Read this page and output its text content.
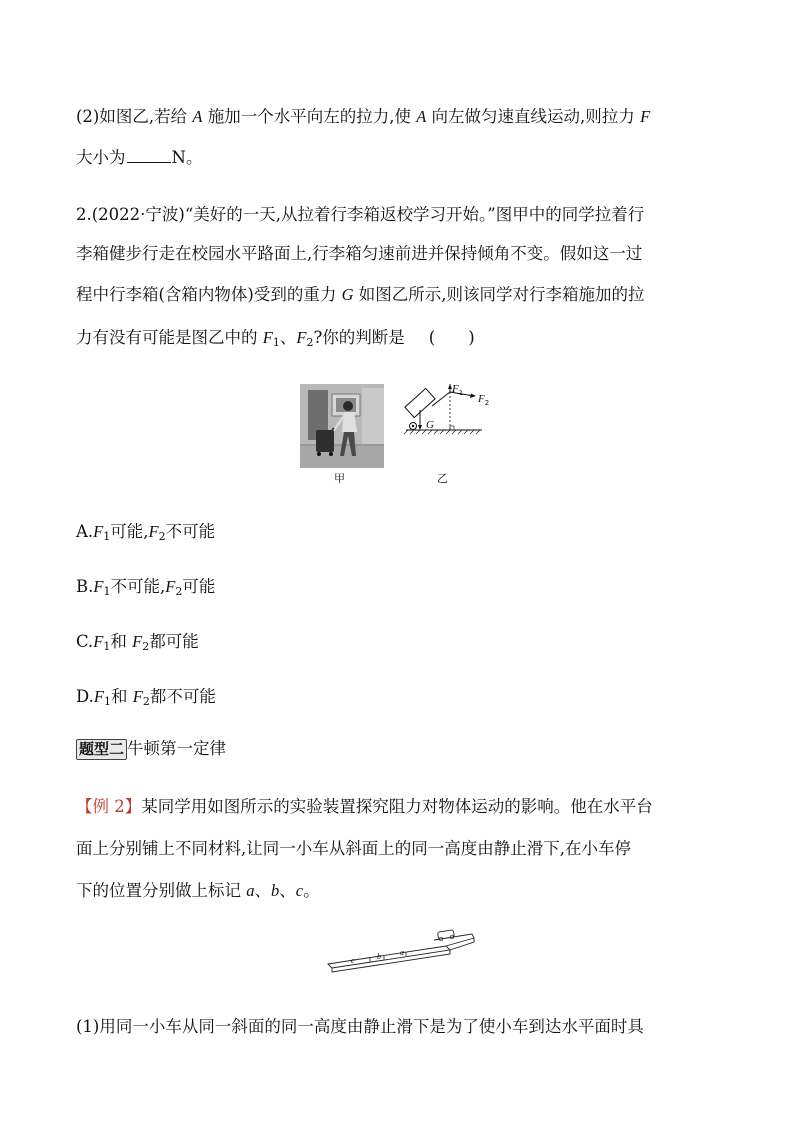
(2)如图乙,若给 A 施加一个水平向左的拉力,使 A 向左做匀速直线运动,则拉力 F
大小为	N。
2.(2022·宁波)“美好的一天,从拉着行李箱返校学习开始。”图甲中的同学拉着行
李箱健步行走在校园水平路面上,行李箱匀速前进并保持倾角不变。假如这一过
程中行李箱(含箱内物体)受到的重力 G 如图乙所示,则该同学对行李箱施加的拉
力有没有可能是图乙中的 $F_1$、$F_2$?你的判断是 (　　)
甲
$F_1$ $F_2$
G
乙
$A.F_1$可能$,F_2$不可能
$B.F_1$不可能$,F_2$可能
$C.F_1$和 $F_2$都可能
$D.F_1$和 $F_2$都不可能
题型二 牛顿第一定律
【例 2】某同学用如图所示的实验装置探究阻力对物体运动的影响。他在水平台
面上分别铺上不同材料,让同一小车从斜面上的同一高度由静止滑下,在小车停
下的位置分别做上标记 a、b、c。
c	b a
(1)用同一小车从同一斜面的同一高度由静止滑下是为了使小车到达水平面时具
